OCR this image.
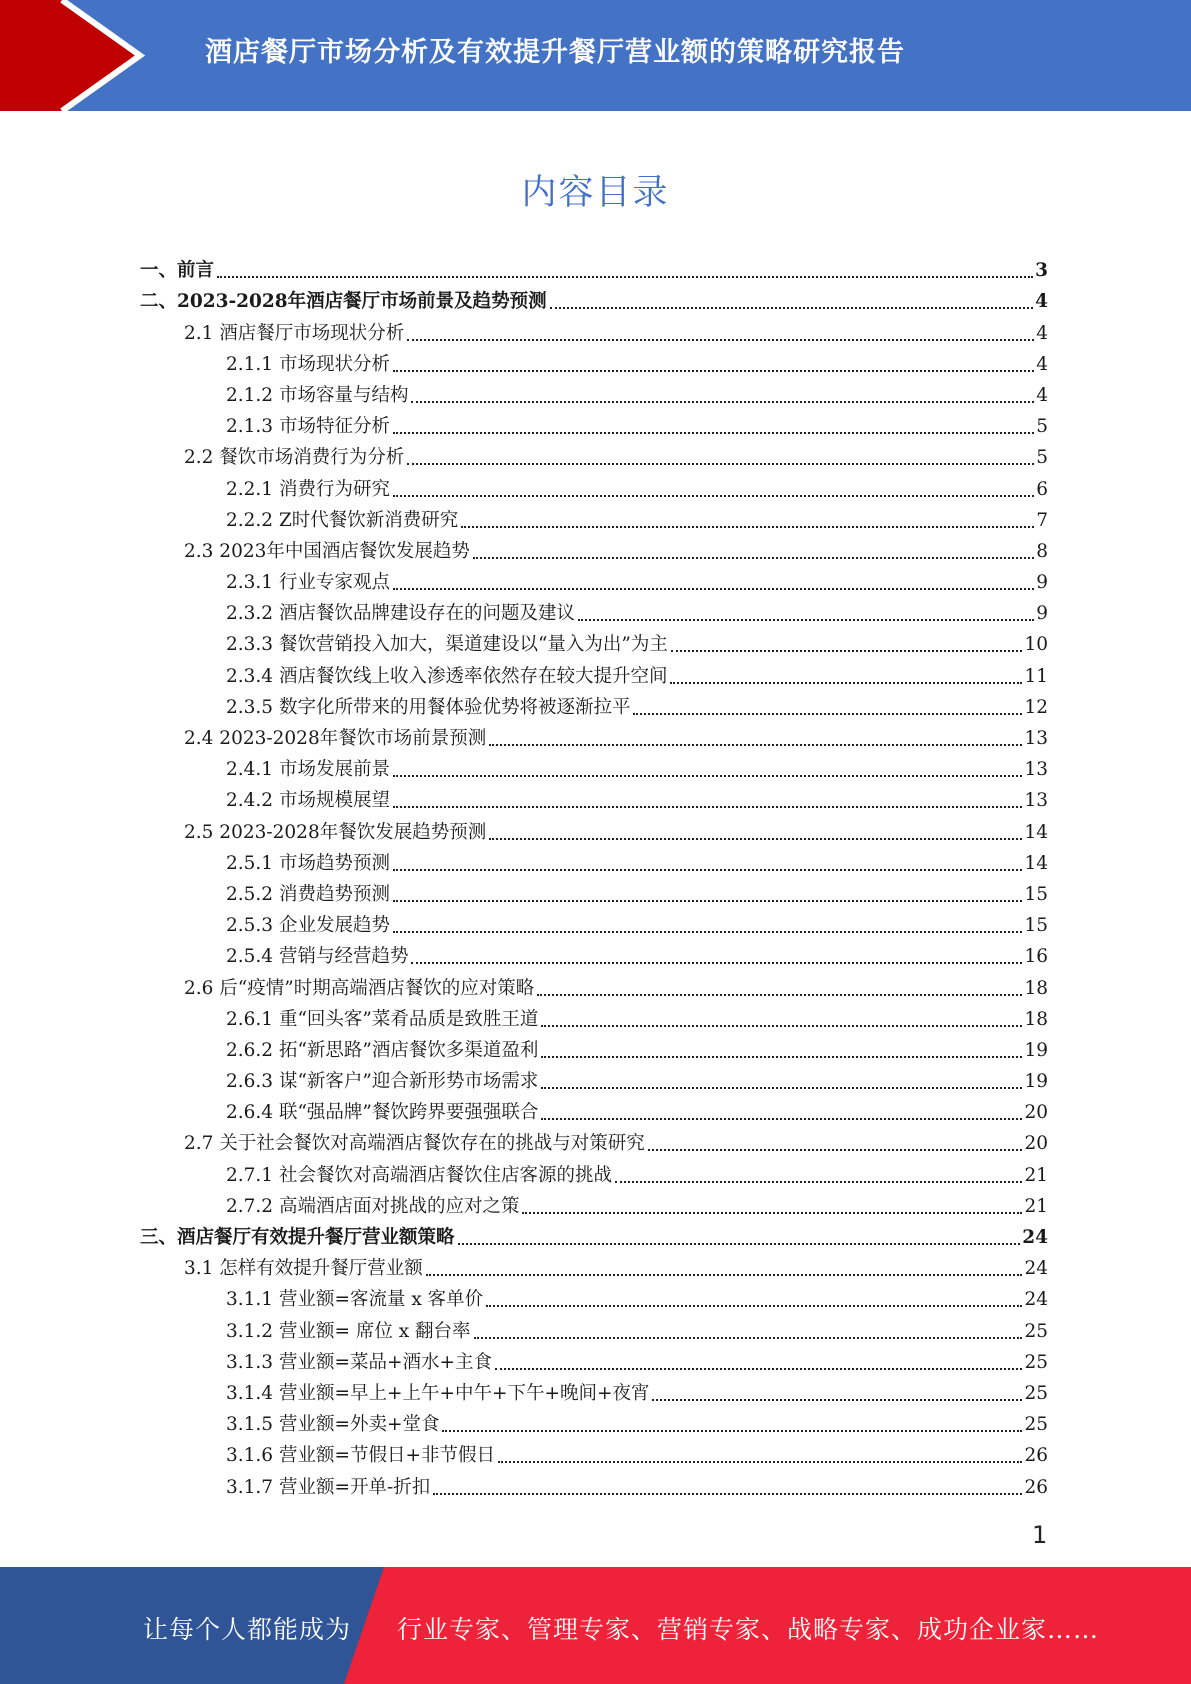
酒店餐厅市场分析及有效提升餐厅营业额的策略研究报告
内容目录
一、前言	3
二、2023-2028年酒店餐厅市场前景及趋势预测	4
2.1 酒店餐厅市场现状分析	4
2.1.1 市场现状分析	4
2.1.2 市场容量与结构	4
2.1.3 市场特征分析	5
2.2 餐饮市场消费行为分析	5
2.2.1 消费行为研究	6
2.2.2 Z时代餐饮新消费研究	7
2.3 2023年中国酒店餐饮发展趋势	8
2.3.1 行业专家观点	9
2.3.2 酒店餐饮品牌建设存在的问题及建议	9
2.3.3 餐饮营销投入加大，渠道建设以“量入为出”为主	10
2.3.4 酒店餐饮线上收入渗透率依然存在较大提升空间	11
2.3.5 数字化所带来的用餐体验优势将被逐渐拉平	12
2.4 2023-2028年餐饮市场前景预测	13
2.4.1 市场发展前景	13
2.4.2 市场规模展望	13
2.5 2023-2028年餐饮发展趋势预测	14
2.5.1 市场趋势预测	14
2.5.2 消费趋势预测	15
2.5.3 企业发展趋势	15
2.5.4 营销与经营趋势	16
2.6 后“疫情”时期高端酒店餐饮的应对策略	18
2.6.1 重“回头客”菜肴品质是致胜王道	18
2.6.2 拓“新思路”酒店餐饮多渠道盈利	19
2.6.3 谋“新客户”迎合新形势市场需求	19
2.6.4 联“强品牌”餐饮跨界要强强联合	20
2.7 关于社会餐饮对高端酒店餐饮存在的挑战与对策研究	20
2.7.1 社会餐饮对高端酒店餐饮住店客源的挑战	21
2.7.2 高端酒店面对挑战的应对之策	21
三、酒店餐厅有效提升餐厅营业额策略	24
3.1 怎样有效提升餐厅营业额	24
3.1.1 营业额=客流量 x 客单价	24
3.1.2 营业额= 席位 x 翻台率	25
3.1.3 营业额=菜品+酒水+主食	25
3.1.4 营业额=早上+上午+中午+下午+晚间+夜宵	25
3.1.5 营业额=外卖+堂食	25
3.1.6 营业额=节假日+非节假日	26
3.1.7 营业额=开单-折扣	26
1
让每个人都能成为 行业专家、管理专家、营销专家、战略专家、成功企业家……
